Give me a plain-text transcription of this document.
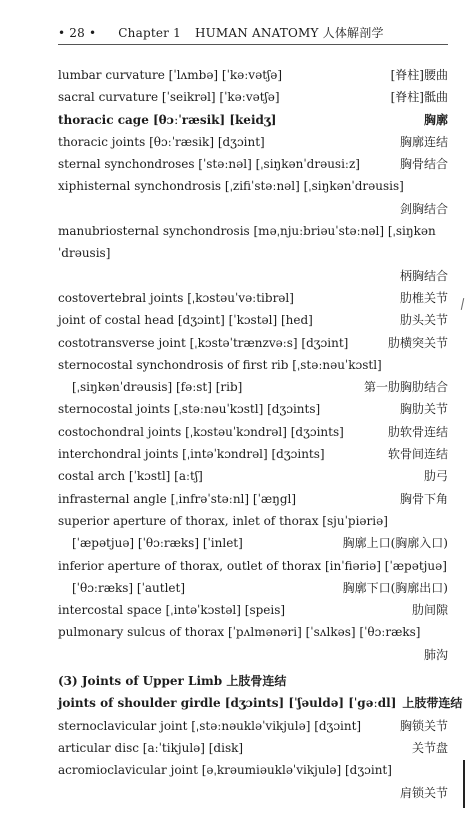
• 28 • Chapter 1 HUMAN ANATOMY 人体解剖学
lumbar curvature [ˈlʌmbə] [ˈkəːvətʃə]	[脊柱]腰曲
sacral curvature [ˈseikrəl] [ˈkəːvətʃə]	[脊柱]骶曲
thoracic cage [θɔːˈræsik] [keidʒ]	胸廓
thoracic joints [θɔːˈræsik] [dʒɔint]	胸廓连结
sternal synchondroses [ˈstəːnəl] [ˌsiŋkənˈdrəusiːz]	胸骨结合
xiphisternal synchondrosis [ˌzifiˈstəːnəl] [ˌsiŋkənˈdrəusis]
剑胸结合
manubriosternal synchondrosis [məˌnjuːbriəuˈstəːnəl] [ˌsiŋkənˈdrəusis]
柄胸结合
costovertebral joints [ˌkɔstəuˈvəːtibrəl]	肋椎关节
joint of costal head [dʒɔint] [ˈkɔstəl] [hed]	肋头关节
costotransverse joint [ˌkɔstəˈtrænzvəːs] [dʒɔint]	肋横突关节
sternocostal synchondrosis of first rib [ˌstəːnəuˈkɔstl]
[ˌsiŋkənˈdrəusis] [fəːst] [rib]	第一肋胸肋结合
sternocostal joints [ˌstəːnəuˈkɔstl] [dʒɔints]	胸肋关节
costochondral joints [ˌkɔstəuˈkɔndrəl] [dʒɔints]	肋软骨连结
interchondral joints [ˌintəˈkɔndrəl] [dʒɔints]	软骨间连结
costal arch [ˈkɔstl] [aːtʃ]	肋弓
infrasternal angle [ˌinfrəˈstəːnl] [ˈæŋgl]	胸骨下角
superior aperture of thorax, inlet of thorax [sjuˈpiəriə]
[ˈæpətjuə] [ˈθɔːræks] [ˈinlet]	胸廓上口(胸廓入口)
inferior aperture of thorax, outlet of thorax [inˈfiəriə] [ˈæpətjuə]
[ˈθɔːræks] [ˈautlet]	胸廓下口(胸廓出口)
intercostal space [ˌintəˈkɔstəl] [speis]	肋间隙
pulmonary sulcus of thorax [ˈpʌlmənəri] [ˈsʌlkəs] [ˈθɔːræks]
肺沟
(3) Joints of Upper Limb 上肢骨连结
joints of shoulder girdle [dʒɔints] [ˈʃəuldə] [ˈgəːdl] 上肢带连结
sternoclavicular joint [ˌstəːnəukləˈvikjulə] [dʒɔint]	胸锁关节
articular disc [aːˈtikjulə] [disk]	关节盘
acromioclavicular joint [əˌkrəumiəukləˈvikjulə] [dʒɔint]
肩锁关节
